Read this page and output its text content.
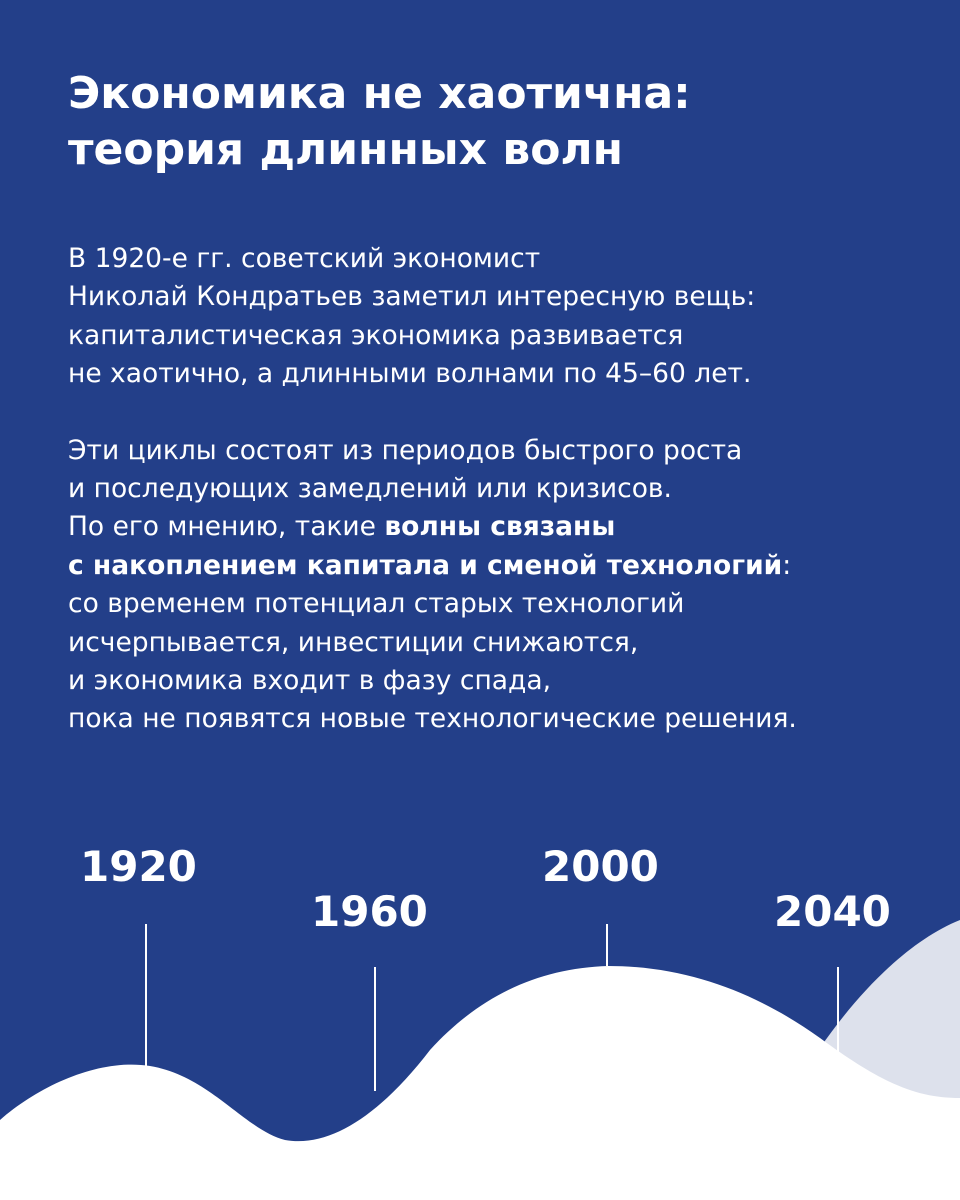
Экономика не хаотична:
теория длинных волн

В 1920-е гг. советский экономист
Николай Кондратьев заметил интересную вещь:
капиталистическая экономика развивается
не хаотично, а длинными волнами по 45–60 лет.

Эти циклы состоят из периодов быстрого роста
и последующих замедлений или кризисов.
По его мнению, такие волны связаны
с накоплением капитала и сменой технологий:
со временем потенциал старых технологий
исчерпывается, инвестиции снижаются,
и экономика входит в фазу спада,
пока не появятся новые технологические решения.

1920
1960
2000
2040
